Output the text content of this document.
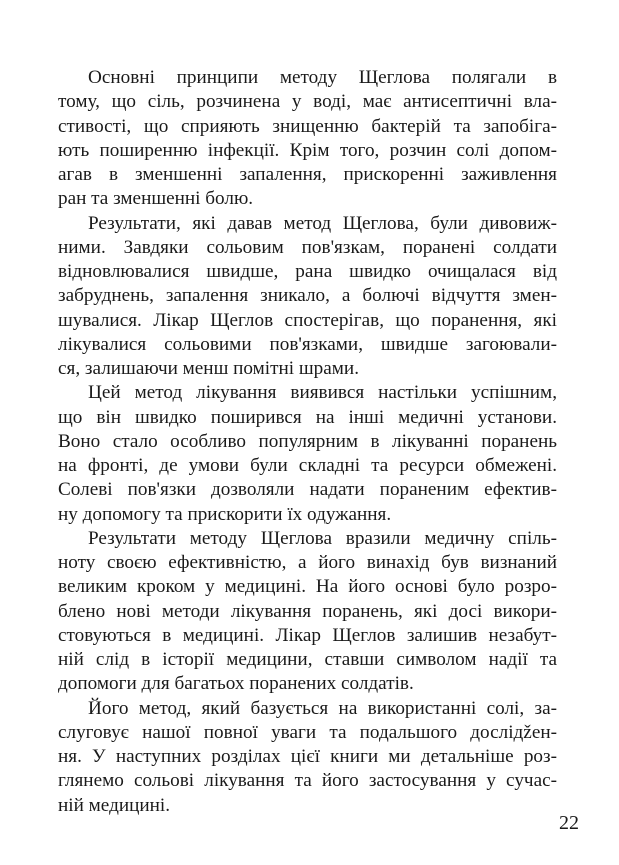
Основні принципи методу Щеглова полягали в
тому, що сіль, розчинена у воді, має антисептичні вла-
стивості, що сприяють знищенню бактерій та запобіга-
ють поширенню інфекції. Крім того, розчин солі допом-
агав в зменшенні запалення, прискоренні заживлення
ран та зменшенні болю.
Результати, які давав метод Щеглова, були дивовиж-
ними. Завдяки сольовим пов'язкам, поранені солдати
відновлювалися швидше, рана швидко очищалася від
забруднень, запалення зникало, а болючі відчуття змен-
шувалися. Лікар Щеглов спостерігав, що поранення, які
лікувалися сольовими пов'язками, швидше загоювали-
ся, залишаючи менш помітні шрами.
Цей метод лікування виявився настільки успішним,
що він швидко поширився на інші медичні установи.
Воно стало особливо популярним в лікуванні поранень
на фронті, де умови були складні та ресурси обмежені.
Солеві пов'язки дозволяли надати пораненим ефектив-
ну допомогу та прискорити їх одужання.
Результати методу Щеглова вразили медичну спіль-
ноту своєю ефективністю, а його винахід був визнаний
великим кроком у медицині. На його основі було розро-
блено нові методи лікування поранень, які досі викори-
стовуються в медицині. Лікар Щеглов залишив незабут-
ній слід в історії медицини, ставши символом надії та
допомоги для багатьох поранених солдатів.
Його метод, який базується на використанні солі, за-
слуговує нашої повної уваги та подальшого дослідžен-
ня. У наступних розділах цієї книги ми детальніше роз-
глянемо сольові лікування та його застосування у сучас-
ній медицині.
22
